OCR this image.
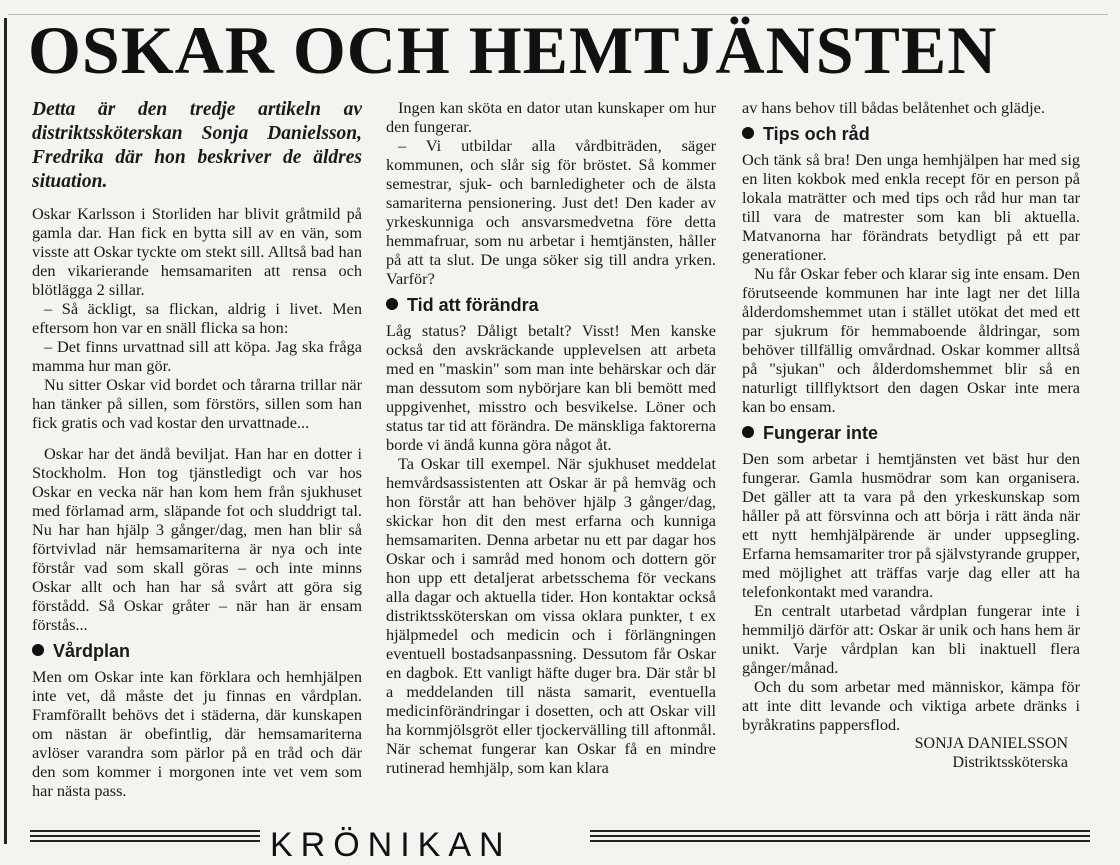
OSKAR OCH HEMTJÄNSTEN

Detta är den tredje artikeln av distriktssköterskan Sonja Danielsson, Fredrika där hon beskriver de äldres situation.

Oskar Karlsson i Storliden har blivit gråtmild på gamla dar. Han fick en bytta sill av en vän, som visste att Oskar tyckte om stekt sill. Alltså bad han den vikarierande hemsamariten att rensa och blötlägga 2 sillar.

– Så äckligt, sa flickan, aldrig i livet. Men eftersom hon var en snäll flicka sa hon:

– Det finns urvattnad sill att köpa. Jag ska fråga mamma hur man gör.

Nu sitter Oskar vid bordet och tårarna trillar när han tänker på sillen, som förstörs, sillen som han fick gratis och vad kostar den urvattnade...

Oskar har det ändå beviljat. Han har en dotter i Stockholm. Hon tog tjänstledigt och var hos Oskar en vecka när han kom hem från sjukhuset med förlamad arm, släpande fot och sluddrigt tal. Nu har han hjälp 3 gånger/dag, men han blir så förtvivlad när hemsamariterna är nya och inte förstår vad som skall göras – och inte minns Oskar allt och han har så svårt att göra sig förstådd. Så Oskar gråter – när han är ensam förstås...

Vårdplan

Men om Oskar inte kan förklara och hemhjälpen inte vet, då måste det ju finnas en vårdplan. Framförallt behövs det i städerna, där kunskapen om nästan är obefintlig, där hemsamariterna avlöser varandra som pärlor på en tråd och där den som kommer i morgonen inte vet vem som har nästa pass.

Ingen kan sköta en dator utan kunskaper om hur den fungerar.

– Vi utbildar alla vårdbiträden, säger kommunen, och slår sig för bröstet. Så kommer semestrar, sjuk- och barnledigheter och de älsta samariterna pensionering. Just det! Den kader av yrkeskunniga och ansvarsmedvetna före detta hemmafruar, som nu arbetar i hemtjänsten, håller på att ta slut. De unga söker sig till andra yrken. Varför?

Tid att förändra

Låg status? Dåligt betalt? Visst! Men kanske också den avskräckande upplevelsen att arbeta med en "maskin" som man inte behärskar och där man dessutom som nybörjare kan bli bemött med uppgivenhet, misstro och besvikelse. Löner och status tar tid att förändra. De mänskliga faktorerna borde vi ändå kunna göra något åt.

Ta Oskar till exempel. När sjukhuset meddelat hemvårdsassistenten att Oskar är på hemväg och hon förstår att han behöver hjälp 3 gånger/dag, skickar hon dit den mest erfarna och kunniga hemsamariten. Denna arbetar nu ett par dagar hos Oskar och i samråd med honom och dottern gör hon upp ett detaljerat arbetsschema för veckans alla dagar och aktuella tider. Hon kontaktar också distriktssköterskan om vissa oklara punkter, t ex hjälpmedel och medicin och i förlängningen eventuell bostadsanpassning. Dessutom får Oskar en dagbok. Ett vanligt häfte duger bra. Där står bl a meddelanden till nästa samarit, eventuella medicinförändringar i dosetten, och att Oskar vill ha kornmjölsgröt eller tjockervälling till aftonmål. När schemat fungerar kan Oskar få en mindre rutinerad hemhjälp, som kan klara

av hans behov till bådas belåtenhet och glädje.

Tips och råd

Och tänk så bra! Den unga hemhjälpen har med sig en liten kokbok med enkla recept för en person på lokala maträtter och med tips och råd hur man tar till vara de matrester som kan bli aktuella. Matvanorna har förändrats betydligt på ett par generationer.

Nu får Oskar feber och klarar sig inte ensam. Den förutseende kommunen har inte lagt ner det lilla ålderdomshemmet utan i stället utökat det med ett par sjukrum för hemmaboende åldringar, som behöver tillfällig omvårdnad. Oskar kommer alltså på "sjukan" och ålderdomshemmet blir så en naturligt tillflyktsort den dagen Oskar inte mera kan bo ensam.

Fungerar inte

Den som arbetar i hemtjänsten vet bäst hur den fungerar. Gamla husmödrar som kan organisera. Det gäller att ta vara på den yrkeskunskap som håller på att försvinna och att börja i rätt ända när ett nytt hemhjälpärende är under uppsegling. Erfarna hemsamariter tror på självstyrande grupper, med möjlighet att träffas varje dag eller att ha telefonkontakt med varandra.

En centralt utarbetad vårdplan fungerar inte i hemmiljö därför att: Oskar är unik och hans hem är unikt. Varje vårdplan kan bli inaktuell flera gånger/månad.

Och du som arbetar med människor, kämpa för att inte ditt levande och viktiga arbete dränks i byråkratins pappersflod.

SONJA DANIELSSON
Distriktssköterska
KRÖNIKAN
